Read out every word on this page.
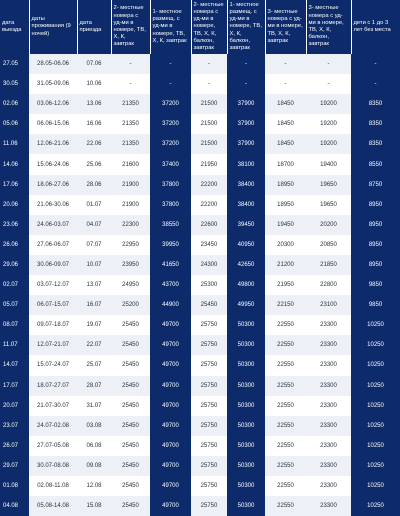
дата выезда	даты проживания (9 ночей)	дата приезда	2- местные номера с уд-ми в номере, ТВ, Х, К, завтрак	1- местное размещ. с уд-ми в номере, ТВ, Х, К, завтрак	2- местные номера с уд-ми в номере, ТВ, Х, К, балкон, завтрак	1- местное размещ. с уд-ми в номере, ТВ, Х, К, балкон, завтрак	3- местные номера с уд-ми в номере, ТВ, Х, К, завтрак	3- местные номера с уд-ми в номере, ТВ, Х, К, балкон, завтрак	дети с 1 до 3 лет без места
27.05	28.05-06.06	07.06	-	-	-	-	-	-	-
30.05	31.05-09.06	10.06	-	-	-	-	-	-	-
02.06	03.06-12.06	13.06	21350	37200	21500	37900	18450	19200	8350
05.06	06.06-15.06	16.06	21350	37200	21500	37900	18450	19200	8350
11.06	12.06-21.06	22.06	21350	37200	21500	37900	18450	19200	8350
14.06	15.06-24.06	25.06	21600	37400	21950	38100	18700	19400	8550
17.06	18.06-27.06	28.06	21900	37800	22200	38400	18950	19650	8750
20.06	21.06-30.06	01.07	21900	37800	22200	38400	18950	19650	8950
23.06	24.06-03.07	04.07	22300	38550	22600	39450	19450	20200	8950
26.06	27.06-06.07	07.07	22950	39950	23450	40950	20300	20850	8950
29.06	30.06-09.07	10.07	23950	41650	24300	42650	21200	21850	8950
02.07	03.07-12.07	13.07	24950	43700	25300	49800	21950	22800	9850
05.07	06.07-15.07	16.07	25200	44900	25450	49950	22150	23100	9850
08.07	09.07-18.07	19.07	25450	49700	25750	50300	22550	23300	10250
11.07	12.07-21.07	22.07	25450	49700	25750	50300	22550	23300	10250
14.07	15.07-24.07	25.07	25450	49700	25750	50300	22550	23300	10250
17.07	18.07-27.07	28.07	25450	49700	25750	50300	22550	23300	10250
20.07	21.07-30.07	31.07	25450	49700	25750	50300	22550	23300	10250
23.07	24.07-02.08	03.08	25450	49700	25750	50300	22550	23300	10250
26.07	27.07-05.08	06.08	25450	49700	25750	50300	22550	23300	10250
29.07	30.07-08.08	09.08	25450	49700	25750	50300	22550	23300	10250
01.08	02.08-11.08	12.08	25450	49700	25750	50300	22550	23300	10250
04.08	05.08-14.08	15.08	25450	49700	25750	50300	22550	23300	10250
